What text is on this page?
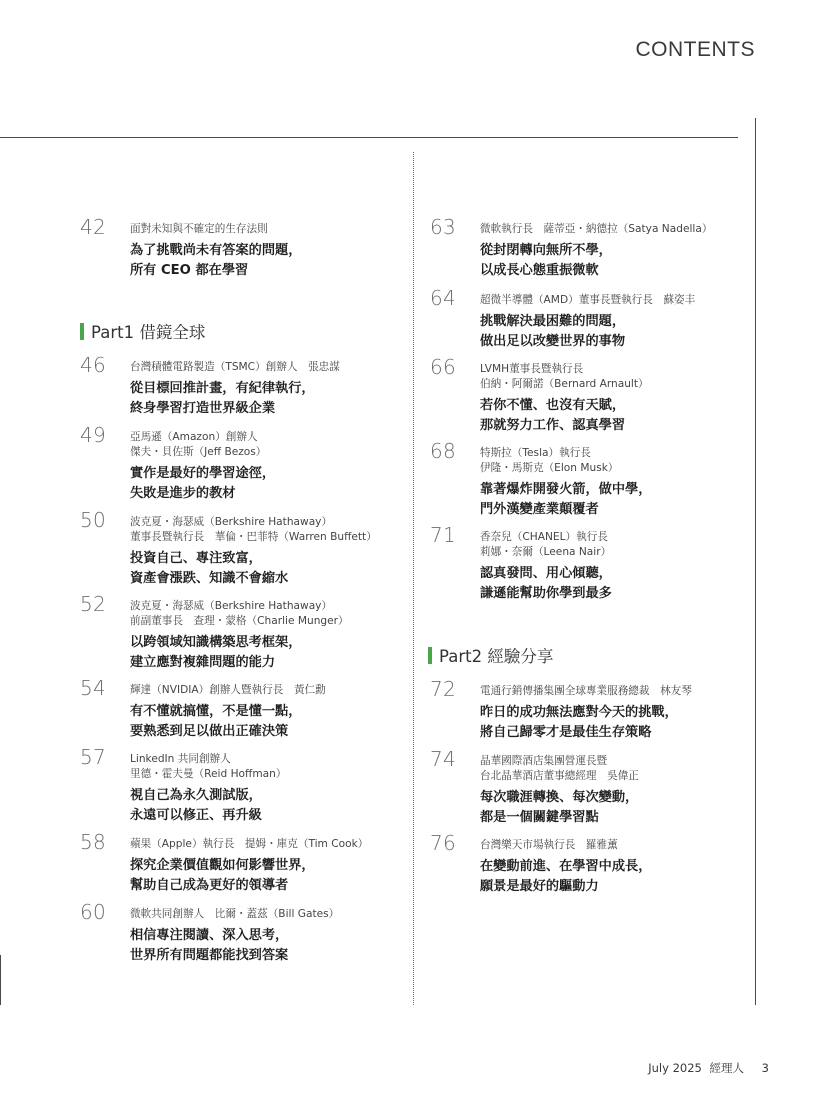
CONTENTS
Part1 借鏡全球
Part2 經驗分享
42 面對未知與不確定的生存法則
為了挑戰尚未有答案的問題，
所有 CEO 都在學習
46 台灣積體電路製造（TSMC）創辦人　張忠謀
從目標回推計畫，有紀律執行，
終身學習打造世界級企業
49 亞馬遜（Amazon）創辦人
傑夫・貝佐斯（Jeff Bezos）
實作是最好的學習途徑，
失敗是進步的教材
50 波克夏・海瑟威（Berkshire Hathaway）
董事長暨執行長　華倫・巴菲特（Warren Buffett）
投資自己、專注致富，
資產會漲跌、知識不會縮水
52 波克夏・海瑟威（Berkshire Hathaway）
前副董事長　查理・蒙格（Charlie Munger）
以跨領域知識構築思考框架，
建立應對複雜問題的能力
54 輝達（NVIDIA）創辦人暨執行長　黃仁勳
有不懂就搞懂，不是懂一點，
要熟悉到足以做出正確決策
57 LinkedIn 共同創辦人
里德・霍夫曼（Reid Hoffman）
視自己為永久測試版，
永遠可以修正、再升級
58 蘋果（Apple）執行長　提姆・庫克（Tim Cook）
探究企業價值觀如何影響世界，
幫助自己成為更好的領導者
60 微軟共同創辦人　比爾・蓋茲（Bill Gates）
相信專注閱讀、深入思考，
世界所有問題都能找到答案
63 微軟執行長　薩蒂亞・納德拉（Satya Nadella）
從封閉轉向無所不學，
以成長心態重振微軟
64 超微半導體（AMD）董事長暨執行長　蘇姿丰
挑戰解決最困難的問題，
做出足以改變世界的事物
66 LVMH董事長暨執行長
伯納・阿爾諾（Bernard Arnault）
若你不懂、也沒有天賦，
那就努力工作、認真學習
68 特斯拉（Tesla）執行長
伊隆・馬斯克（Elon Musk）
靠著爆炸開發火箭，做中學，
門外漢變產業顛覆者
71 香奈兒（CHANEL）執行長
莉娜・奈爾（Leena Nair）
認真發問、用心傾聽，
謙遜能幫助你學到最多
72 電通行銷傳播集團全球專業服務總裁　林友琴
昨日的成功無法應對今天的挑戰，
將自己歸零才是最佳生存策略
74 晶華國際酒店集團營運長暨
台北晶華酒店董事總經理　吳偉正
每次職涯轉換、每次變動，
都是一個關鍵學習點
76 台灣樂天市場執行長　羅雅薰
在變動前進、在學習中成長，
願景是最好的驅動力
July 2025 經理人 3
